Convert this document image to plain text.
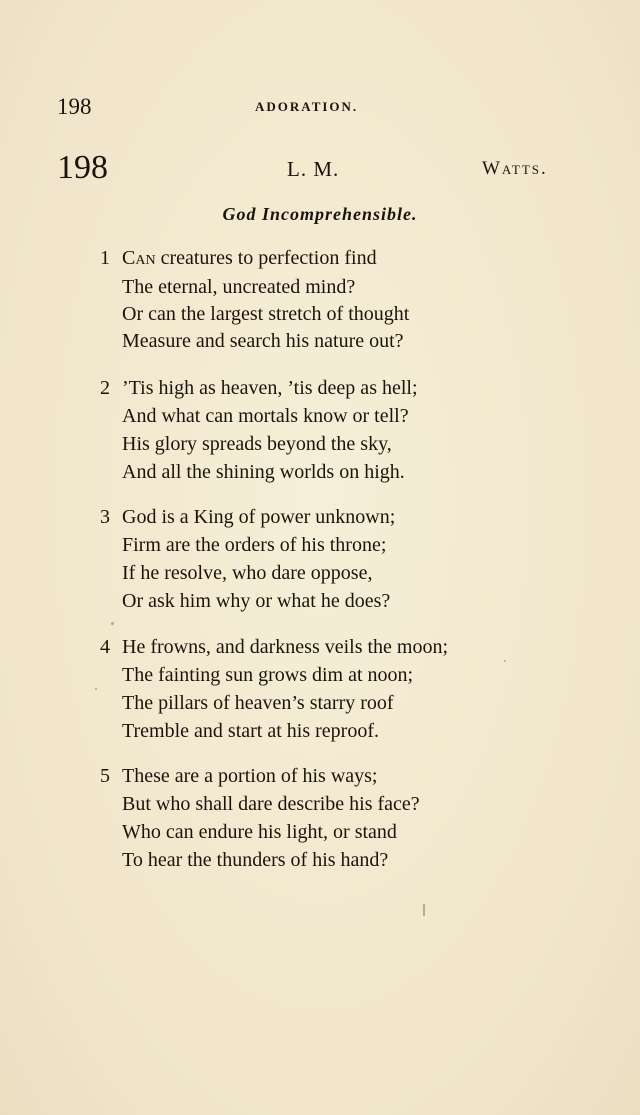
198	ADORATION.
198	L. M.	Watts.
God Incomprehensible.
1 Can creatures to perfection find
The eternal, uncreated mind?
Or can the largest stretch of thought
Measure and search his nature out?
2 ’Tis high as heaven, ’tis deep as hell;
And what can mortals know or tell?
His glory spreads beyond the sky,
And all the shining worlds on high.
3 God is a King of power unknown;
Firm are the orders of his throne;
If he resolve, who dare oppose,
Or ask him why or what he does?
4 He frowns, and darkness veils the moon;
The fainting sun grows dim at noon;
The pillars of heaven’s starry roof
Tremble and start at his reproof.
5 These are a portion of his ways;
But who shall dare describe his face?
Who can endure his light, or stand
To hear the thunders of his hand?
